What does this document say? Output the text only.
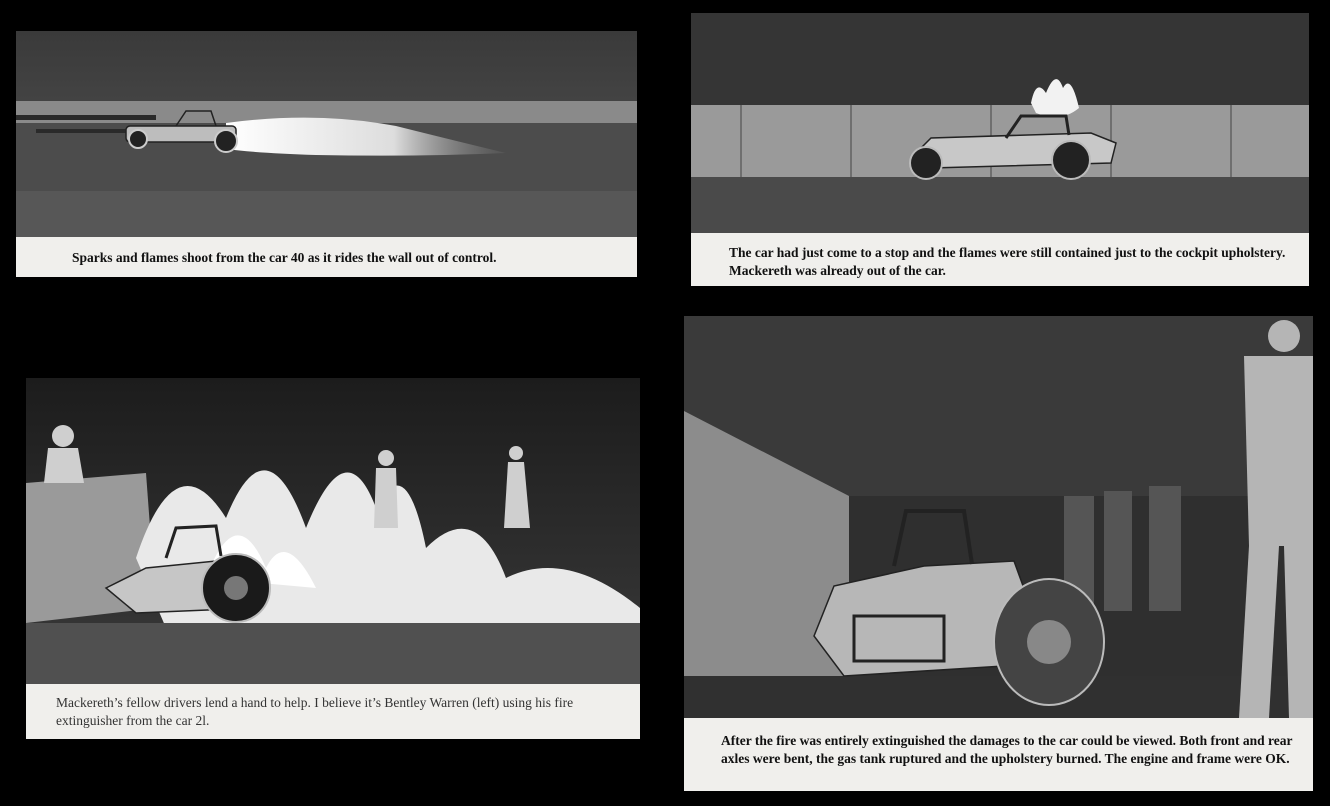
Sparks and flames shoot from the car 40 as it rides the wall out of control.	The car had just come to a stop and the flames were still contained just to the cockpit upholstery. Mackereth was already out of the car.
Mackereth’s fellow drivers lend a hand to help. I believe it’s Bentley Warren (left) using his fire extinguisher from the car 2l.
After the fire was entirely extinguished the damages to the car could be viewed. Both front and rear axles were bent, the gas tank ruptured and the upholstery burned. The engine and frame were OK.
